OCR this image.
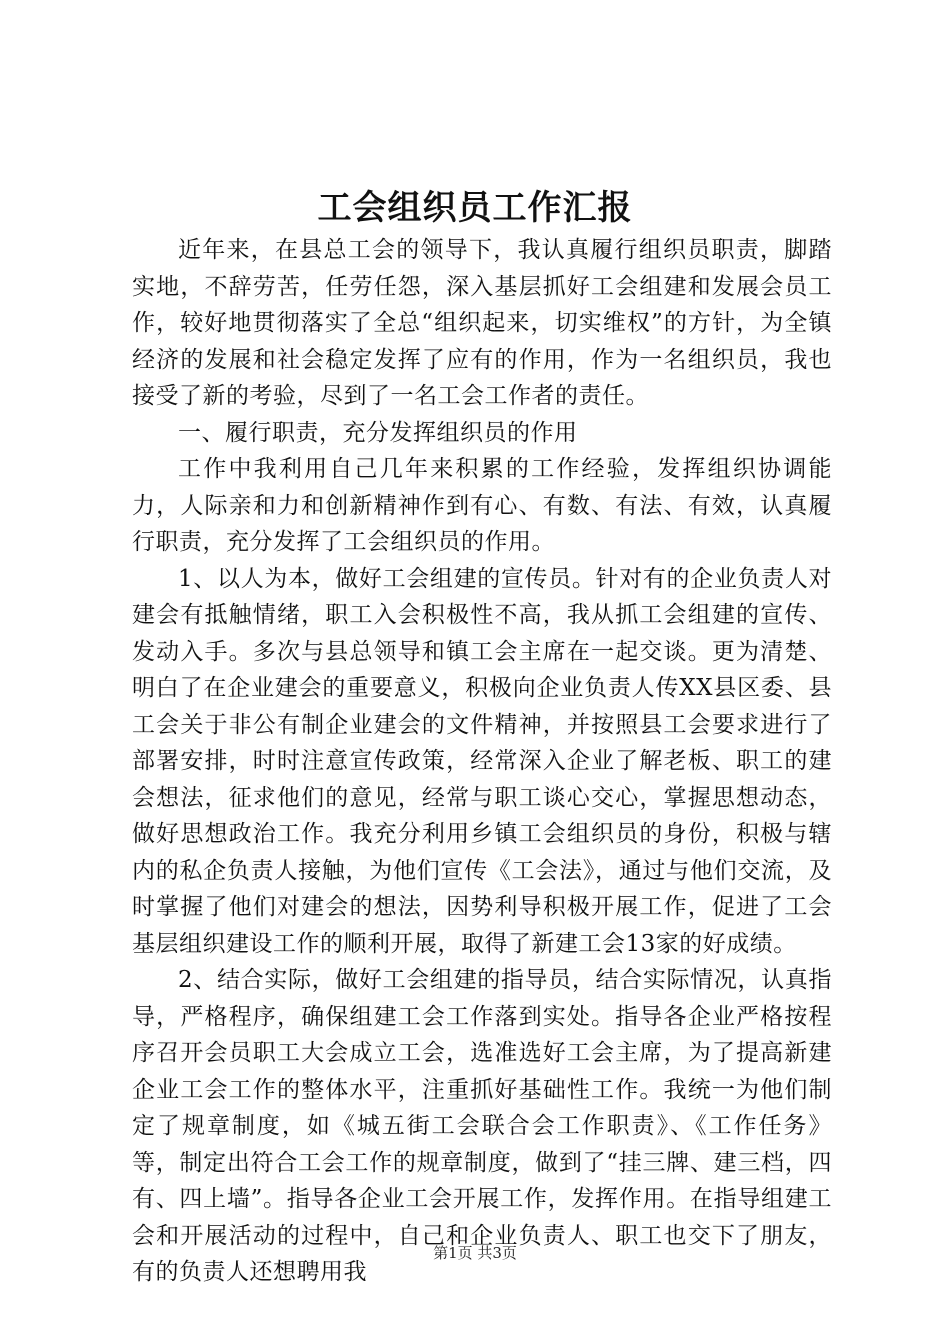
工会组织员工作汇报

近年来，在县总工会的领导下，我认真履行组织员职责，脚踏实地，不辞劳苦，任劳任怨，深入基层抓好工会组建和发展会员工作，较好地贯彻落实了全总“组织起来，切实维权”的方针，为全镇经济的发展和社会稳定发挥了应有的作用，作为一名组织员，我也接受了新的考验，尽到了一名工会工作者的责任。

一、履行职责，充分发挥组织员的作用

工作中我利用自己几年来积累的工作经验，发挥组织协调能力，人际亲和力和创新精神作到有心、有数、有法、有效，认真履行职责，充分发挥了工会组织员的作用。

1、以人为本，做好工会组建的宣传员。针对有的企业负责人对建会有抵触情绪，职工入会积极性不高，我从抓工会组建的宣传、发动入手。多次与县总领导和镇工会主席在一起交谈。更为清楚、明白了在企业建会的重要意义，积极向企业负责人传XX县区委、县工会关于非公有制企业建会的文件精神，并按照县工会要求进行了部署安排，时时注意宣传政策，经常深入企业了解老板、职工的建会想法，征求他们的意见，经常与职工谈心交心，掌握思想动态，做好思想政治工作。我充分利用乡镇工会组织员的身份，积极与辖内的私企负责人接触，为他们宣传《工会法》，通过与他们交流，及时掌握了他们对建会的想法，因势利导积极开展工作，促进了工会基层组织建设工作的顺利开展，取得了新建工会13家的好成绩。

2、结合实际，做好工会组建的指导员，结合实际情况，认真指导，严格程序，确保组建工会工作落到实处。指导各企业严格按程序召开会员职工大会成立工会，选准选好工会主席，为了提高新建企业工会工作的整体水平，注重抓好基础性工作。我统一为他们制定了规章制度，如《城五街工会联合会工作职责》、《工作任务》等，制定出符合工会工作的规章制度，做到了“挂三牌、建三档，四有、四上墙”。指导各企业工会开展工作，发挥作用。在指导组建工会和开展活动的过程中，自己和企业负责人、职工也交下了朋友，有的负责人还想聘用我

第1页 共3页
